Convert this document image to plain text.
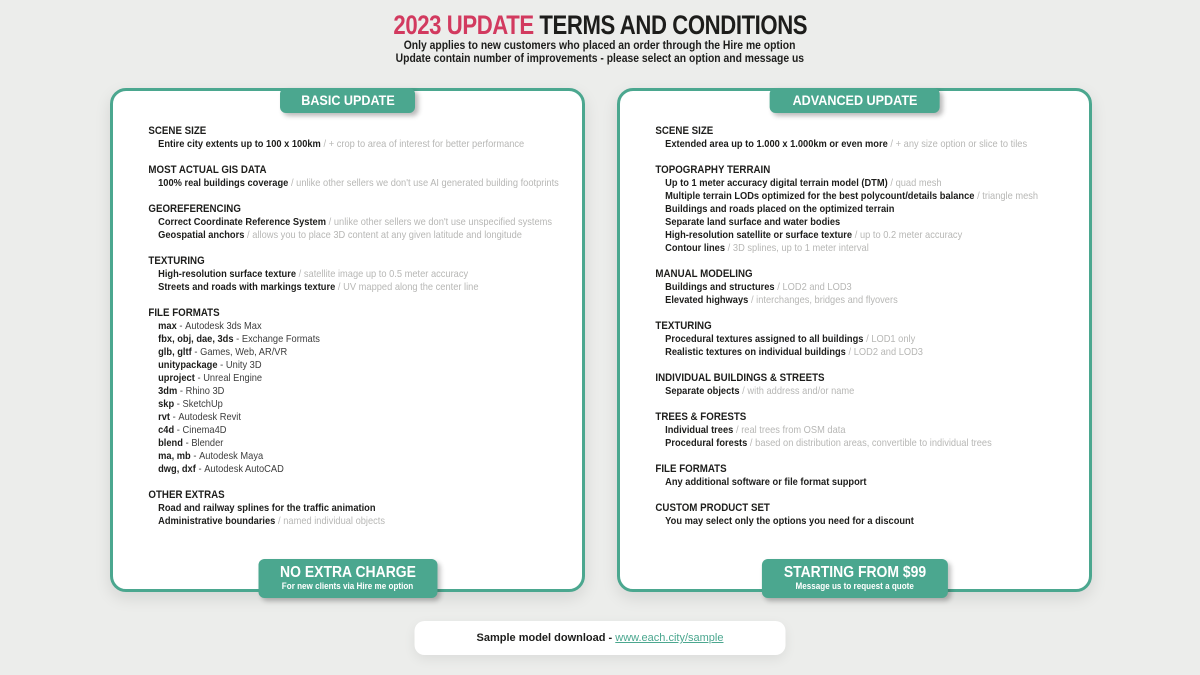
2023 UPDATE TERMS AND CONDITIONS

Only applies to new customers who placed an order through the Hire me option

Update contain number of improvements - please select an option and message us

BASIC UPDATE
SCENE SIZE
Entire city extents up to 100 x 100km / + crop to area of interest for better performance
MOST ACTUAL GIS DATA
100% real buildings coverage / unlike other sellers we don't use AI generated building footprints
GEOREFERENCING
Correct Coordinate Reference System / unlike other sellers we don't use unspecified systems
Geospatial anchors / allows you to place 3D content at any given latitude and longitude
TEXTURING
High-resolution surface texture / satellite image up to 0.5 meter accuracy
Streets and roads with markings texture / UV mapped along the center line
FILE FORMATS
max - Autodesk 3ds Max
fbx, obj, dae, 3ds - Exchange Formats
glb, gltf - Games, Web, AR/VR
unitypackage - Unity 3D
uproject - Unreal Engine
3dm - Rhino 3D
skp - SketchUp
rvt - Autodesk Revit
c4d - Cinema4D
blend - Blender
ma, mb - Autodesk Maya
dwg, dxf - Autodesk AutoCAD
OTHER EXTRAS
Road and railway splines for the traffic animation
Administrative boundaries / named individual objects
NO EXTRA CHARGE
For new clients via Hire me option
ADVANCED UPDATE
SCENE SIZE
Extended area up to 1.000 x 1.000km or even more / + any size option or slice to tiles
TOPOGRAPHY TERRAIN
Up to 1 meter accuracy digital terrain model (DTM) / quad mesh
Multiple terrain LODs optimized for the best polycount/details balance / triangle mesh
Buildings and roads placed on the optimized terrain
Separate land surface and water bodies
High-resolution satellite or surface texture / up to 0.2 meter accuracy
Contour lines / 3D splines, up to 1 meter interval
MANUAL MODELING
Buildings and structures / LOD2 and LOD3
Elevated highways / interchanges, bridges and flyovers
TEXTURING
Procedural textures assigned to all buildings / LOD1 only
Realistic textures on individual buildings / LOD2 and LOD3
INDIVIDUAL BUILDINGS & STREETS
Separate objects / with address and/or name
TREES & FORESTS
Individual trees / real trees from OSM data
Procedural forests / based on distribution areas, convertible to individual trees
FILE FORMATS
Any additional software or file format support
CUSTOM PRODUCT SET
You may select only the options you need for a discount
STARTING FROM $99
Message us to request a quote
Sample model download - www.each.city/sample
